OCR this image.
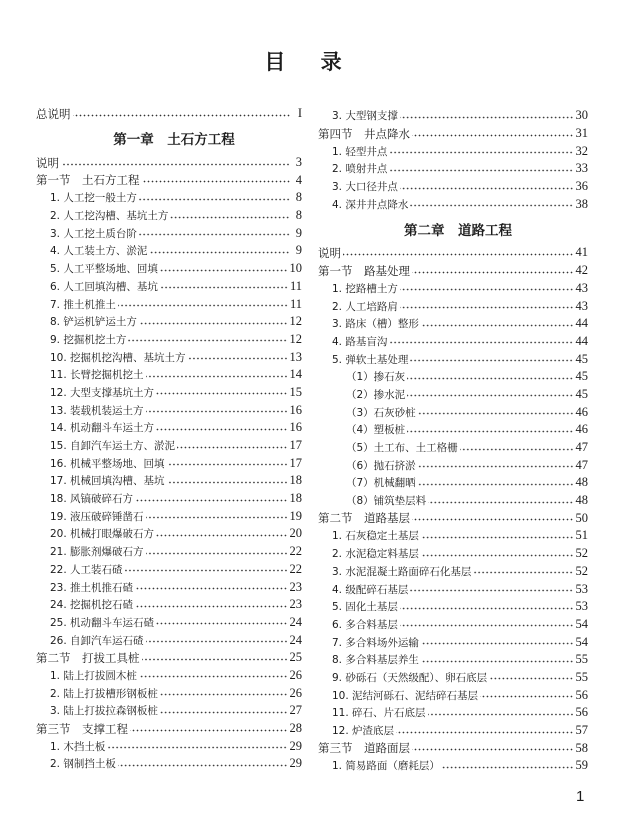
目 录
总说明	I
第一章　土石方工程
说明	3
第一节　土石方工程	4
1. 人工挖一般土方	8
2. 人工挖沟槽、基坑土方	8
3. 人工挖土质台阶	9
4. 人工装土方、淤泥	9
5. 人工平整场地、回填	10
6. 人工回填沟槽、基坑	11
7. 推土机推土	11
8. 铲运机铲运土方	12
9. 挖掘机挖土方	12
10. 挖掘机挖沟槽、基坑土方	13
11. 长臂挖掘机挖土	14
12. 大型支撑基坑土方	15
13. 装载机装运土方	16
14. 机动翻斗车运土方	16
15. 自卸汽车运土方、淤泥	17
16. 机械平整场地、回填	17
17. 机械回填沟槽、基坑	18
18. 风镐破碎石方	18
19. 液压破碎锤凿石	19
20. 机械打眼爆破石方	20
21. 膨胀剂爆破石方	22
22. 人工装石碴	22
23. 推土机推石碴	23
24. 挖掘机挖石碴	23
25. 机动翻斗车运石碴	24
26. 自卸汽车运石碴	24
第二节　打拔工具桩	25
1. 陆上打拔圆木桩	26
2. 陆上打拔槽形钢板桩	26
3. 陆上打拔拉森钢板桩	27
第三节　支撑工程	28
1. 木挡土板	29
2. 钢制挡土板	29
3. 大型钢支撑	30
第四节　井点降水	31
1. 轻型井点	32
2. 喷射井点	33
3. 大口径井点	36
4. 深井井点降水	38
第二章　道路工程
说明	41
第一节　路基处理	42
1. 挖路槽土方	43
2. 人工培路肩	43
3. 路床（槽）整形	44
4. 路基盲沟	44
5. 弹软土基处理	45
（1）掺石灰	45
（2）掺水泥	45
（3）石灰砂桩	46
（4）塑板桩	46
（5）土工布、土工格栅	47
（6）抛石挤淤	47
（7）机械翻晒	48
（8）铺筑垫层料	48
第二节　道路基层	50
1. 石灰稳定土基层	51
2. 水泥稳定料基层	52
3. 水泥混凝土路面碎石化基层	52
4. 级配碎石基层	53
5. 固化土基层	53
6. 多合料基层	54
7. 多合料场外运输	54
8. 多合料基层养生	55
9. 砂砾石（天然级配）、卵石底层	55
10. 泥结河砾石、泥结碎石基层	56
11. 碎石、片石底层	56
12. 炉渣底层	57
第三节　道路面层	58
1. 简易路面（磨耗层）	59
1
